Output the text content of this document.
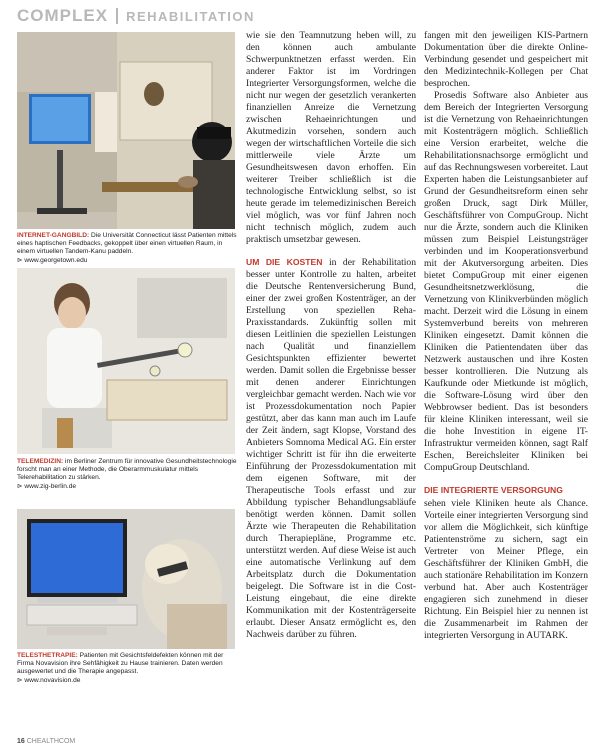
COMPLEX REHABILITATION
INTERNET-GANGBILD: Die Universität Connecticut lässt Patienten mittels eines haptischen Feedbacks, gekoppelt über einen virtuellen Raum, in einem virtuellen Tandem-Kanu paddeln.
⊳ www.georgetown.edu
TELEMEDIZIN: im Berliner Zentrum für innovative Gesundheitstechnologie forscht man an einer Methode, die Oberarmmuskulatur mittels Telerehabilitation zu stärken.
⊳ www.zig-berlin.de
TELESTHETRAPIE: Patienten mit Gesichtsfeldefekten können mit der Firma Novavision ihre Sehfähigkeit zu Hause trainieren. Daten werden ausgewertet und die Therapie angepasst.
⊳ www.novavision.de

wie sie den Teamnutzung heben will, zu den können auch ambulante Schwerpunktnetzen erfasst werden. Ein anderer Faktor ist im Vordringen Integrierter Versorgungsformen, welche die nicht nur wegen der gesetzlich verankerten finanziellen Anreize die Vernetzung zwischen Rehaeinrichtungen und Akutmedizin vorsehen, sondern auch wegen der wirtschaftlichen Vorteile die sich mittlerweile viele Ärzte um Gesundheitswesen davon erhoffen. Ein weiterer Treiber schließlich ist die technologische Entwicklung selbst, so ist heute gerade im telemedizinischen Bereich viel möglich, was vor fünf Jahren noch nicht technisch möglich, zudem auch praktisch umsetzbar gewesen.

UM DIE KOSTEN in der Rehabilitation besser unter Kontrolle zu halten, arbeitet die Deutsche Rentenversicherung Bund, einer der zwei großen Kostenträger, an der Erstellung von speziellen Reha-Praxisstandards. Zukünftig sollen mit diesen Leitlinien die speziellen Leistungen nach Qualität und finanziellem Gesichtspunkten effizienter bewertet werden. Damit sollen die Ergebnisse besser mit denen anderer Einrichtungen vergleichbar gemacht werden. Nach wie vor ist Prozessdokumentation noch Papier gestützt, aber das kann man auch im Laufe der Zeit ändern, sagt Klopse, Vorstand des Anbieters Somnoma Medical AG. Ein erster wichtiger Schritt ist für ihn die erweiterte Einführung der Prozessdokumentation mit dem eigenen Software, mit der Therapeutische Tools erfasst und zur Abbildung typischer Behandlungsabläufe benötigt werden können. Damit sollen Ärzte wie Therapeuten die Rehabilitation durch Therapiepläne, Programme etc. unterstützt werden. Auf diese Weise ist auch eine automatische Verlinkung auf dem Arbeitsplatz durch die Dokumentation beigelegt. Die Software ist in die Cost-Leistung eingebaut, die eine direkte Kommunikation mit der Kostenträgerseite erlaubt. Dieser Ansatz ermöglicht es, den Nachweis darüber zu führen.

fangen mit den jeweiligen KIS-Partnern Dokumentation über die direkte Online-Verbindung gesendet und gespeichert mit den Medizintechnik-Kollegen per Chat besprochen.

Prosedis Software also Anbieter aus dem Bereich der Integrierten Versorgung ist die Vernetzung von Rehaeinrichtungen mit Kostenträgern möglich. Schließlich eine Version erarbeitet, welche die Rehabilitationsnachsorge ermöglicht und auf das Rechnungswesen vorbereitet. Laut Experten haben die Leistungsanbieter auf Grund der Gesundheitsreform einen sehr großen Druck, sagt Dirk Müller, Geschäftsführer von CompuGroup. Nicht nur die Ärzte, sondern auch die Kliniken müssen zum Beispiel Leistungsträger verbinden und im Kooperationsverbund mit der Akutversorgung arbeiten. Dies bietet CompuGroup mit einer eigenen Gesundheitsnetzwerklösung, die Vernetzung von Klinikverbünden möglich macht. Derzeit wird die Lösung in einem Systemverbund bereits von mehreren Kliniken eingesetzt. Damit können die Kliniken die Patientendaten über das Netzwerk austauschen und ihre Kosten besser kontrollieren. Die Nutzung als Kaufkunde oder Mietkunde ist möglich, die Software-Lösung wird über den Webbrowser bedient. Das ist besonders für kleine Kliniken interessant, weil sie die hohe Investition in eigene IT-Infrastruktur vermeiden können, sagt Ralf Eschen, Bereichsleiter Kliniken bei CompuGroup Deutschland.

DIE INTEGRIERTE VERSORGUNG

sehen viele Kliniken heute als Chance. Vorteile einer integrierten Versorgung sind vor allem die Möglichkeit, sich künftige Patientenströme zu sichern, sagt ein Vertreter von Meiner Pflege, ein Geschäftsführer der Kliniken GmbH, die auch stationäre Rehabilitation im Konzern verbund hat. Aber auch Kostenträger engagieren sich zunehmend in dieser Richtung. Ein Beispiel hier zu nennen ist die Zusammenarbeit im Rahmen der integrierten Versorgung in AUTARK.

16 CHEALTHCOM
